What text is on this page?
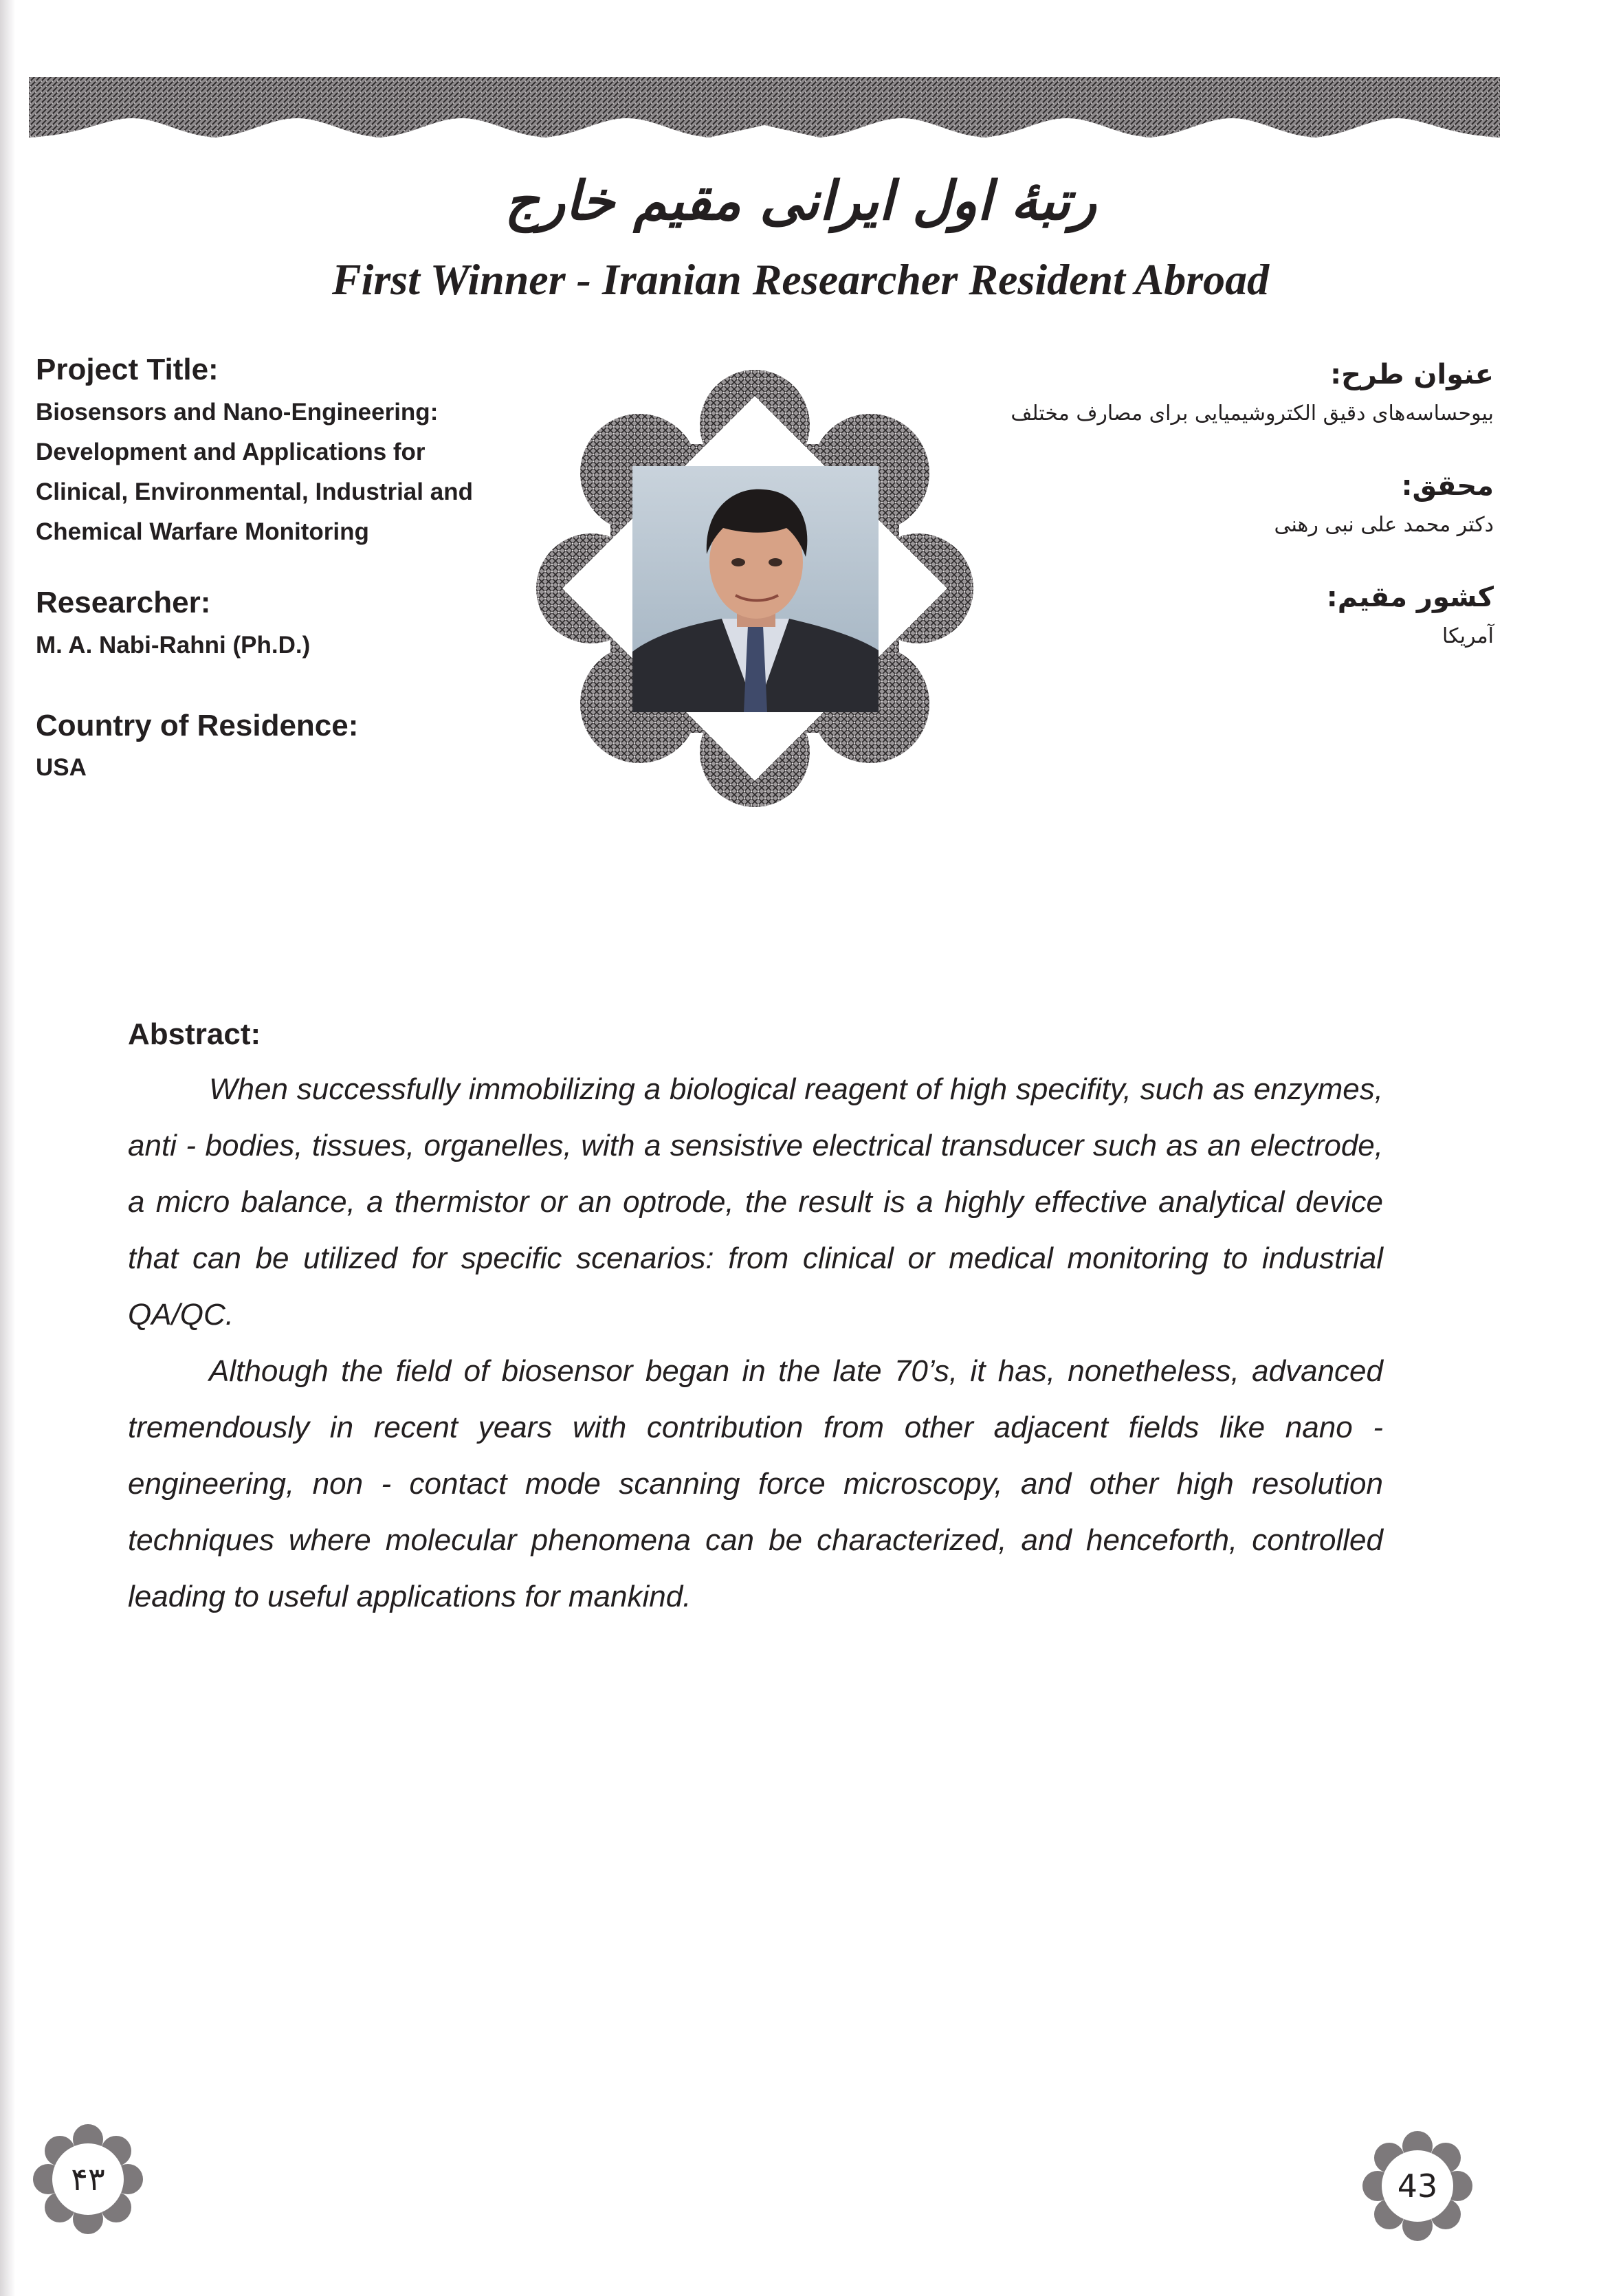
رتبهٔ اول ایرانی مقیم خارج
First Winner - Iranian Researcher Resident Abroad

Project Title:

Biosensors and Nano-Engineering:
Development and Applications for
Clinical, Environmental, Industrial and
Chemical Warfare Monitoring

Researcher:

M. A. Nabi-Rahni (Ph.D.)

Country of Residence:

USA

عنوان طرح:

بیوحساسه‌های دقیق الکتروشیمیایی برای مصارف مختلف

محقق:

دکتر محمد علی نبی رهنی

کشور مقیم:

آمریکا

Abstract:

When successfully immobilizing a biological reagent of high specifity, such as enzymes, anti - bodies, tissues, organelles, with a sensistive electrical transducer such as an electrode, a micro balance, a thermistor or an optrode, the result is a highly effective analytical device that can be utilized for specific scenarios: from clinical or medical monitoring to industrial QA/QC.

Although the field of biosensor began in the late 70’s, it has, nonetheless, advanced tremendously in recent years with contribution from other adjacent fields like nano - engineering, non - contact mode scanning force microscopy, and other high resolution techniques where molecular phenomena can be characterized, and henceforth, controlled leading to useful applications for mankind.

۴۳	43
